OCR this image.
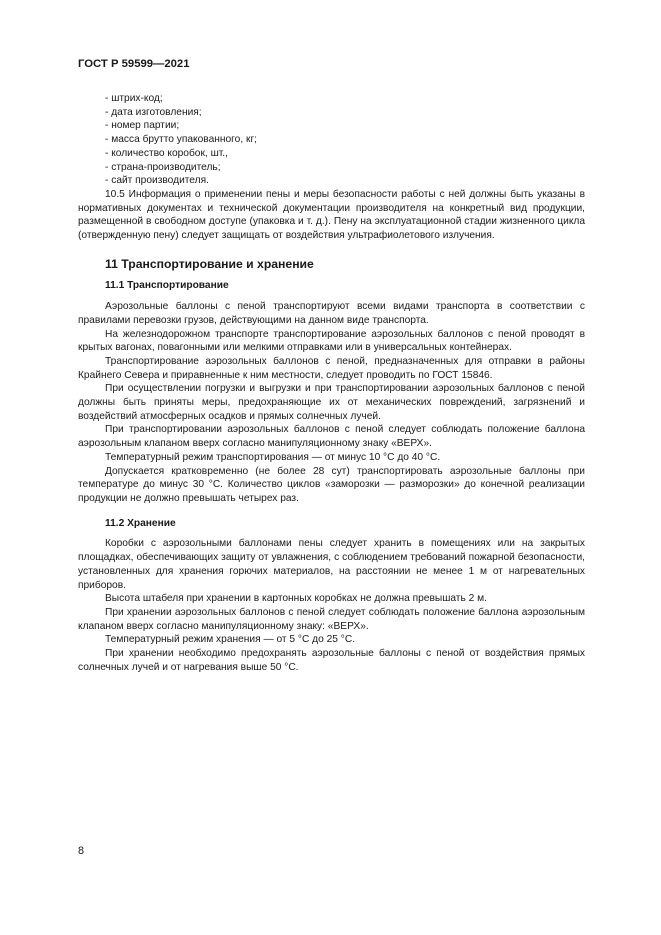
ГОСТ Р 59599—2021
- штрих-код;
- дата изготовления;
- номер партии;
- масса брутто упакованного, кг;
- количество коробок, шт.,
- страна-производитель;
- сайт производителя.

10.5 Информация о применении пены и меры безопасности работы с ней должны быть указаны в нормативных документах и технической документации производителя на конкретный вид продукции, размещенной в свободном доступе (упаковка и т. д.). Пену на эксплуатационной стадии жизненного цикла (отвержденную пену) следует защищать от воздействия ультрафиолетового излучения.

11 Транспортирование и хранение
11.1 Транспортирование

Аэрозольные баллоны с пеной транспортируют всеми видами транспорта в соответствии с правилами перевозки грузов, действующими на данном виде транспорта.

На железнодорожном транспорте транспортирование аэрозольных баллонов с пеной проводят в крытых вагонах, повагонными или мелкими отправками или в универсальных контейнерах.

Транспортирование аэрозольных баллонов с пеной, предназначенных для отправки в районы Крайнего Севера и приравненные к ним местности, следует проводить по ГОСТ 15846.

При осуществлении погрузки и выгрузки и при транспортировании аэрозольных баллонов с пеной должны быть приняты меры, предохраняющие их от механических повреждений, загрязнений и воздействий атмосферных осадков и прямых солнечных лучей.

При транспортировании аэрозольных баллонов с пеной следует соблюдать положение баллона аэрозольным клапаном вверх согласно манипуляционному знаку «ВЕРХ».

Температурный режим транспортирования — от минус 10 °С до 40 °С.

Допускается кратковременно (не более 28 сут) транспортировать аэрозольные баллоны при температуре до минус 30 °С. Количество циклов «заморозки — разморозки» до конечной реализации продукции не должно превышать четырех раз.

11.2 Хранение

Коробки с аэрозольными баллонами пены следует хранить в помещениях или на закрытых площадках, обеспечивающих защиту от увлажнения, с соблюдением требований пожарной безопасности, установленных для хранения горючих материалов, на расстоянии не менее 1 м от нагревательных приборов.

Высота штабеля при хранении в картонных коробках не должна превышать 2 м.

При хранении аэрозольных баллонов с пеной следует соблюдать положение баллона аэрозольным клапаном вверх согласно манипуляционному знаку: «ВЕРХ».

Температурный режим хранения — от 5 °С до 25 °С.

При хранении необходимо предохранять аэрозольные баллоны с пеной от воздействия прямых солнечных лучей и от нагревания выше 50 °С.

8
